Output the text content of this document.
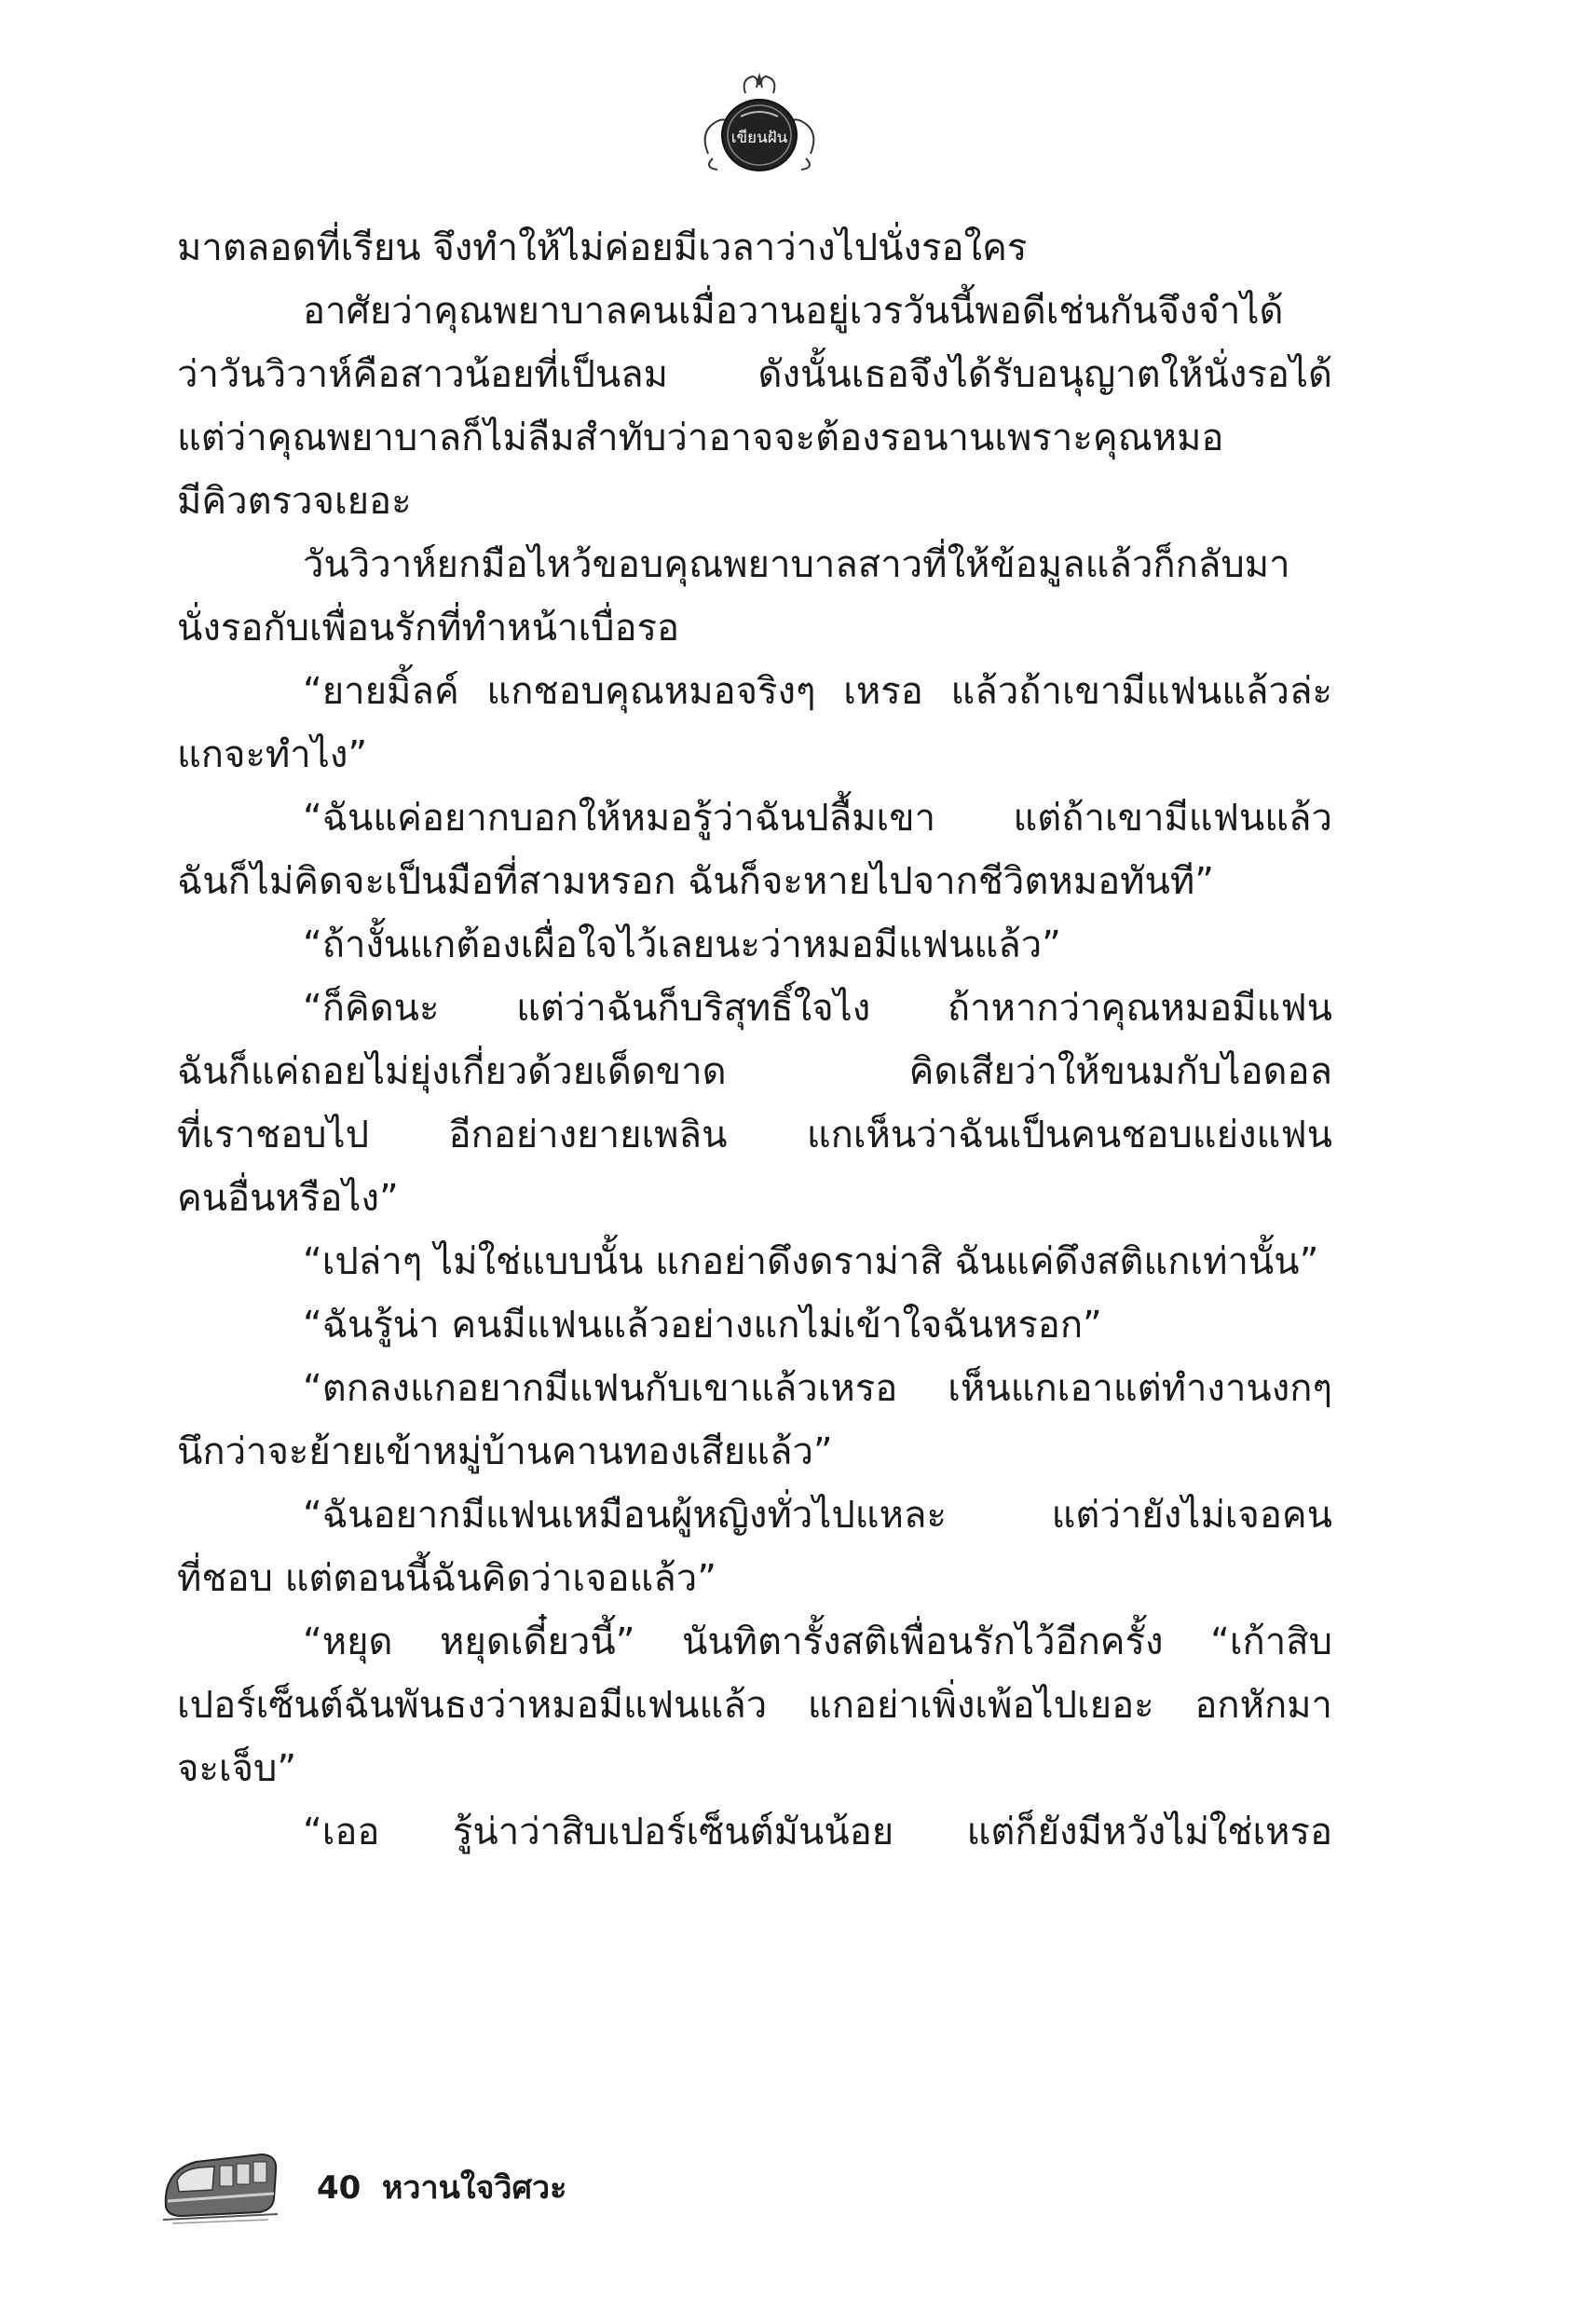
เขียนฝัน
มาตลอดที่เรียน จึงทำให้ไม่ค่อยมีเวลาว่างไปนั่งรอใคร
อาศัยว่าคุณพยาบาลคนเมื่อวานอยู่เวรวันนี้พอดีเช่นกันจึงจำได้
ว่าวันวิวาห์คือสาวน้อยที่เป็นลม ดังนั้นเธอจึงได้รับอนุญาตให้นั่งรอได้
แต่ว่าคุณพยาบาลก็ไม่ลืมสำทับว่าอาจจะต้องรอนานเพราะคุณหมอ
มีคิวตรวจเยอะ
วันวิวาห์ยกมือไหว้ขอบคุณพยาบาลสาวที่ให้ข้อมูลแล้วก็กลับมา
นั่งรอกับเพื่อนรักที่ทำหน้าเบื่อรอ
“ยายมิ้ลค์ แกชอบคุณหมอจริงๆ เหรอ แล้วถ้าเขามีแฟนแล้วล่ะ
แกจะทำไง”
“ฉันแค่อยากบอกให้หมอรู้ว่าฉันปลื้มเขา แต่ถ้าเขามีแฟนแล้ว
ฉันก็ไม่คิดจะเป็นมือที่สามหรอก ฉันก็จะหายไปจากชีวิตหมอทันที”
“ถ้างั้นแกต้องเผื่อใจไว้เลยนะว่าหมอมีแฟนแล้ว”
“ก็คิดนะ แต่ว่าฉันก็บริสุทธิ์ใจไง ถ้าหากว่าคุณหมอมีแฟน
ฉันก็แค่ถอยไม่ยุ่งเกี่ยวด้วยเด็ดขาด คิดเสียว่าให้ขนมกับไอดอล
ที่เราชอบไป อีกอย่างยายเพลิน แกเห็นว่าฉันเป็นคนชอบแย่งแฟน
คนอื่นหรือไง”
“เปล่าๆ ไม่ใช่แบบนั้น แกอย่าดึงดราม่าสิ ฉันแค่ดึงสติแกเท่านั้น”
“ฉันรู้น่า คนมีแฟนแล้วอย่างแกไม่เข้าใจฉันหรอก”
“ตกลงแกอยากมีแฟนกับเขาแล้วเหรอ เห็นแกเอาแต่ทำงานงกๆ
นึกว่าจะย้ายเข้าหมู่บ้านคานทองเสียแล้ว”
“ฉันอยากมีแฟนเหมือนผู้หญิงทั่วไปแหละ แต่ว่ายังไม่เจอคน
ที่ชอบ แต่ตอนนี้ฉันคิดว่าเจอแล้ว”
“หยุด หยุดเดี๋ยวนี้” นันทิตารั้งสติเพื่อนรักไว้อีกครั้ง “เก้าสิบ
เปอร์เซ็นต์ฉันพันธงว่าหมอมีแฟนแล้ว แกอย่าเพิ่งเพ้อไปเยอะ อกหักมา
จะเจ็บ”
“เออ รู้น่าว่าสิบเปอร์เซ็นต์มันน้อย แต่ก็ยังมีหวังไม่ใช่เหรอ
40 หวานใจวิศวะ
